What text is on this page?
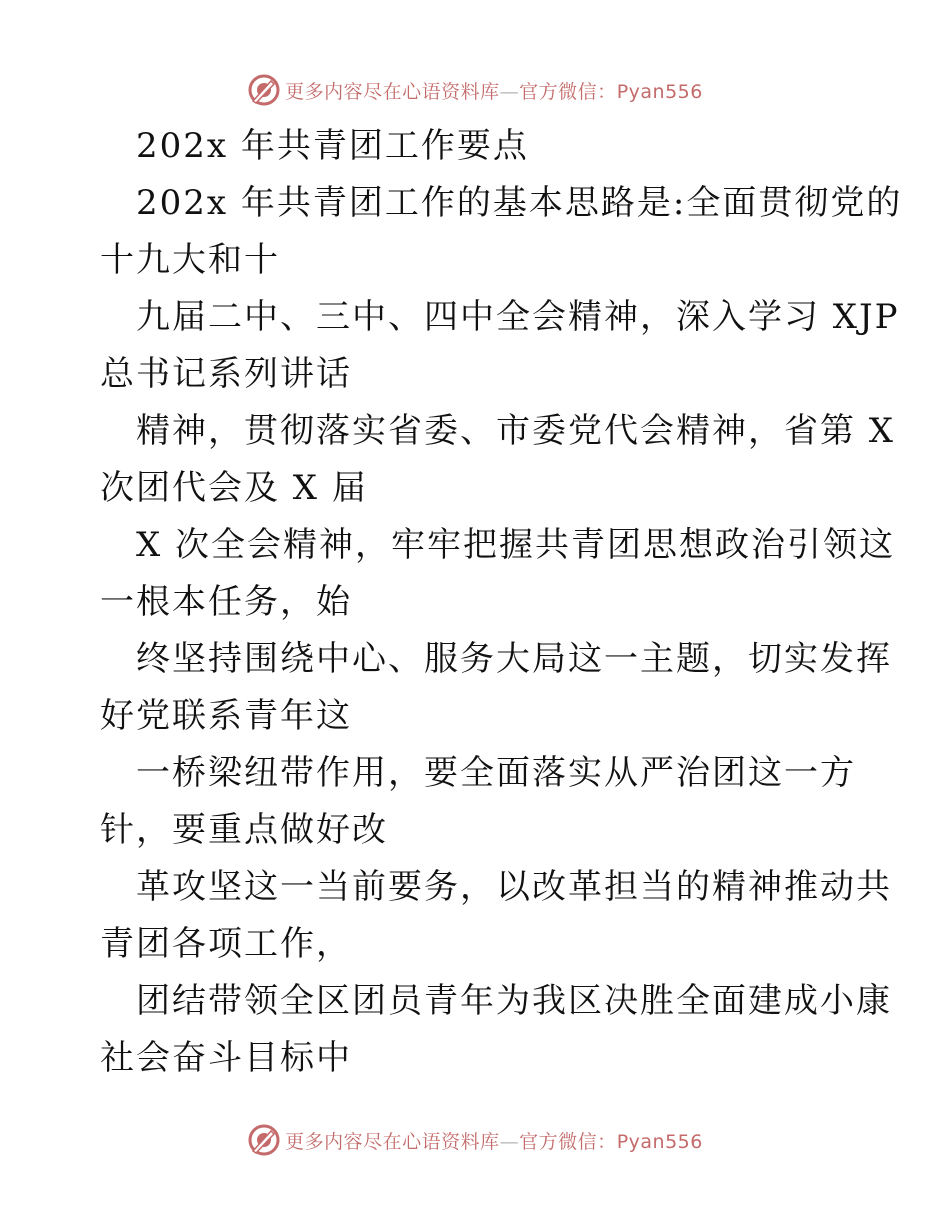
更多内容尽在心语资料库—官方微信：Pyan556
202x 年共青团工作要点
202x 年共青团工作的基本思路是:全面贯彻党的
十九大和十
九届二中、三中、四中全会精神，深入学习 XJP
总书记系列讲话
精神，贯彻落实省委、市委党代会精神，省第 X
次团代会及 X 届
X 次全会精神，牢牢把握共青团思想政治引领这
一根本任务，始
终坚持围绕中心、服务大局这一主题，切实发挥
好党联系青年这
一桥梁纽带作用，要全面落实从严治团这一方
针，要重点做好改
革攻坚这一当前要务，以改革担当的精神推动共
青团各项工作，
团结带领全区团员青年为我区决胜全面建成小康
社会奋斗目标中
更多内容尽在心语资料库—官方微信：Pyan556
